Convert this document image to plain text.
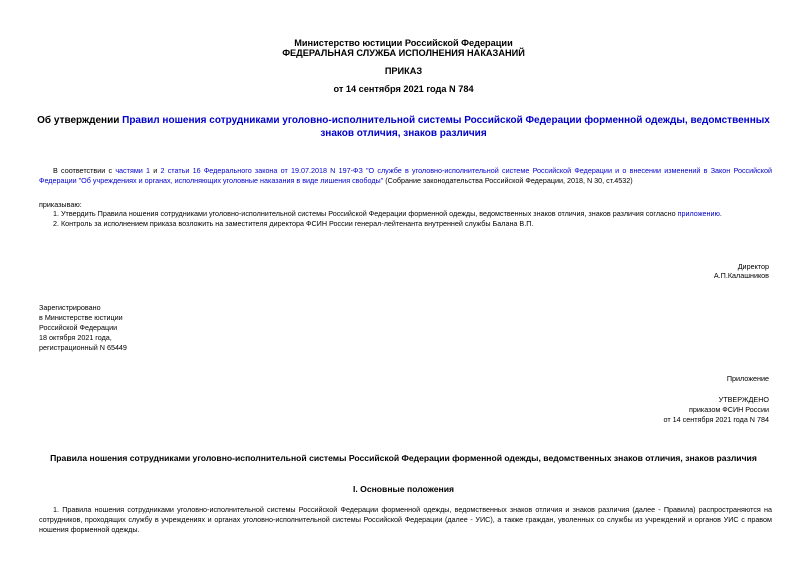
Министерство юстиции Российской Федерации
ФЕДЕРАЛЬНАЯ СЛУЖБА ИСПОЛНЕНИЯ НАКАЗАНИЙ
ПРИКАЗ
от 14 сентября 2021 года N 784
Об утверждении Правил ношения сотрудниками уголовно-исполнительной системы Российской Федерации форменной одежды, ведомственных знаков отличия, знаков различия
В соответствии с частями 1 и 2 статьи 16 Федерального закона от 19.07.2018 N 197-ФЗ "О службе в уголовно-исполнительной системе Российской Федерации и о внесении изменений в Закон Российской Федерации "Об учреждениях и органах, исполняющих уголовные наказания в виде лишения свободы" (Собрание законодательства Российской Федерации, 2018, N 30, ст.4532)
приказываю:
1. Утвердить Правила ношения сотрудниками уголовно-исполнительной системы Российской Федерации форменной одежды, ведомственных знаков отличия, знаков различия согласно приложению.
2. Контроль за исполнением приказа возложить на заместителя директора ФСИН России генерал-лейтенанта внутренней службы Балана В.П.
Директор
А.П.Калашников
Зарегистрировано
в Министерстве юстиции
Российской Федерации
18 октября 2021 года,
регистрационный N 65449
Приложение
УТВЕРЖДЕНО
приказом ФСИН России
от 14 сентября 2021 года N 784
Правила ношения сотрудниками уголовно-исполнительной системы Российской Федерации форменной одежды, ведомственных знаков отличия, знаков различия
I. Основные положения
1. Правила ношения сотрудниками уголовно-исполнительной системы Российской Федерации форменной одежды, ведомственных знаков отличия и знаков различия (далее - Правила) распространяются на сотрудников, проходящих службу в учреждениях и органах уголовно-исполнительной системы Российской Федерации (далее - УИС), а также граждан, уволенных со службы из учреждений и органов УИС с правом ношения форменной одежды.
